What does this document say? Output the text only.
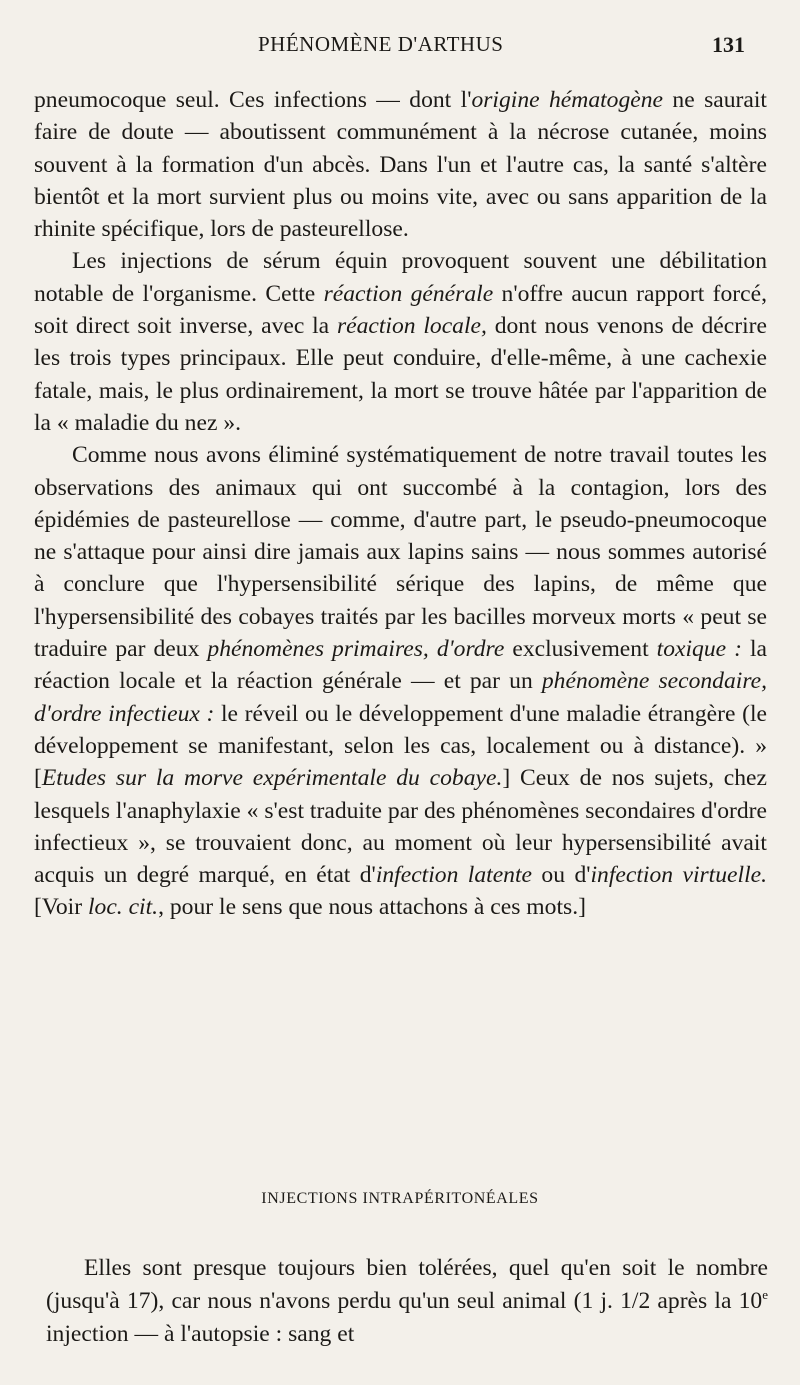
PHÉNOMÈNE D'ARTHUS	131

pneumocoque seul. Ces infections — dont l'origine hématogène ne saurait faire de doute — aboutissent communément à la nécrose cutanée, moins souvent à la formation d'un abcès. Dans l'un et l'autre cas, la santé s'altère bientôt et la mort survient plus ou moins vite, avec ou sans apparition de la rhinite spécifique, lors de pasteurellose.

Les injections de sérum équin provoquent souvent une débilitation notable de l'organisme. Cette réaction générale n'offre aucun rapport forcé, soit direct soit inverse, avec la réaction locale, dont nous venons de décrire les trois types principaux. Elle peut conduire, d'elle-même, à une cachexie fatale, mais, le plus ordinairement, la mort se trouve hâtée par l'apparition de la « maladie du nez ».

Comme nous avons éliminé systématiquement de notre travail toutes les observations des animaux qui ont succombé à la contagion, lors des épidémies de pasteurellose — comme, d'autre part, le pseudo-pneumocoque ne s'attaque pour ainsi dire jamais aux lapins sains — nous sommes autorisé à conclure que l'hypersensibilité sérique des lapins, de même que l'hypersensibilité des cobayes traités par les bacilles morveux morts « peut se traduire par deux phénomènes primaires, d'ordre exclusivement toxique : la réaction locale et la réaction générale — et par un phénomène secondaire, d'ordre infectieux : le réveil ou le développement d'une maladie étrangère (le développement se manifestant, selon les cas, localement ou à distance). » [Etudes sur la morve expérimentale du cobaye.] Ceux de nos sujets, chez lesquels l'anaphylaxie « s'est traduite par des phénomènes secondaires d'ordre infectieux », se trouvaient donc, au moment où leur hypersensibilité avait acquis un degré marqué, en état d'infection latente ou d'infection virtuelle. [Voir loc. cit., pour le sens que nous attachons à ces mots.]

INJECTIONS INTRAPÉRITONÉALES

Elles sont presque toujours bien tolérées, quel qu'en soit le nombre (jusqu'à 17), car nous n'avons perdu qu'un seul animal (1 j. 1/2 après la 10e injection — à l'autopsie : sang et
